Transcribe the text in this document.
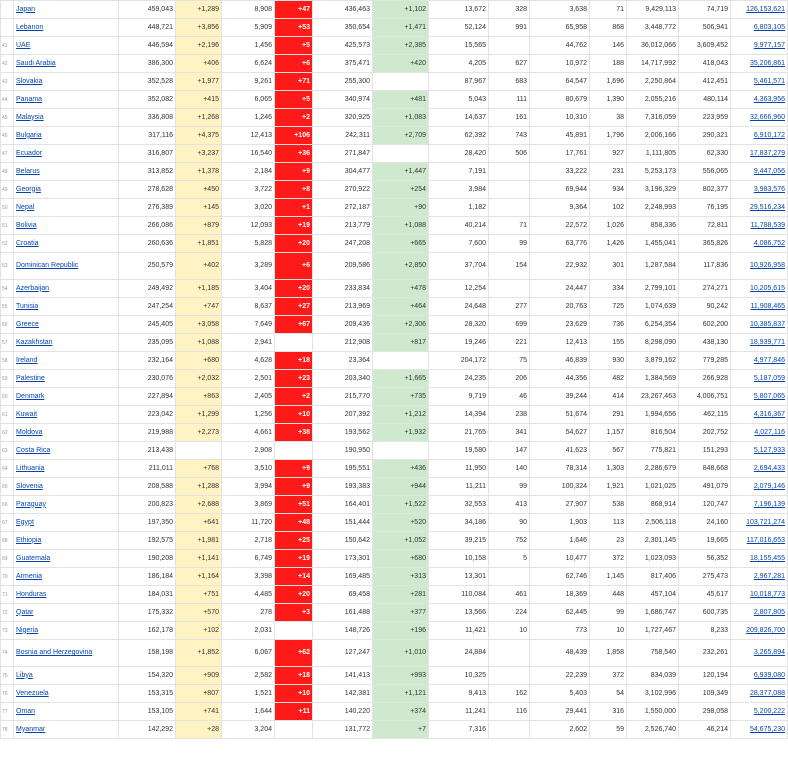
	Japan	459,043	+1,289	8,908	+47	436,463	+1,102	13,672	328	3,638	71	9,429,113	74,719	126,153,621
	Lebanon	448,721	+3,856	5,909	+53	350,654	+1,471	52,124	991	65,958	868	3,448,772	506,941	6,803,105
41	UAE	446,594	+2,196	1,456	+5	425,573	+2,385	15,565		44,762	146	36,012,066	3,609,452	9,977,157
42	Saudi Arabia	386,300	+406	6,624	+6	375,471	+420	4,205	627	10,972	188	14,717,992	418,043	35,206,861
43	Slovakia	352,528	+1,977	9,261	+71	255,300		87,967	683	64,547	1,696	2,250,864	412,451	5,461,571
44	Panama	352,082	+415	6,065	+5	340,974	+481	5,043	111	80,679	1,390	2,055,216	480,114	4,363,956
45	Malaysia	336,808	+1,268	1,246	+2	320,925	+1,083	14,637	161	10,310	38	7,316,059	223,959	32,666,960
46	Bulgaria	317,116	+4,375	12,413	+106	242,311	+2,709	62,392	743	45,891	1,796	2,006,166	290,321	6,910,172
47	Ecuador	316,807	+3,237	16,540	+36	271,847		28,420	506	17,761	927	1,111,805	62,330	17,837,279
48	Belarus	313,852	+1,378	2,184	+9	304,477	+1,447	7,191		33,222	231	5,253,173	556,065	9,447,056
49	Georgia	278,628	+450	3,722	+8	270,922	+254	3,984		69,944	934	3,196,329	802,377	3,983,576
50	Nepal	276,389	+145	3,020	+1	272,187	+90	1,182		9,364	102	2,248,993	76,195	29,516,234
51	Bolivia	266,086	+879	12,093	+19	213,779	+1,088	40,214	71	22,572	1,026	858,336	72,811	11,788,539
52	Croatia	260,636	+1,851	5,828	+20	247,208	+665	7,600	99	63,776	1,426	1,455,041	365,826	4,086,752
53	Dominican Republic	250,579	+402	3,289	+6	209,586	+2,850	37,704	154	22,932	301	1,287,584	117,836	10,926,958
54	Azerbaijan	249,492	+1,185	3,404	+20	233,834	+478	12,254		24,447	334	2,799,101	274,271	10,205,615
55	Tunisia	247,254	+747	8,637	+27	213,969	+464	24,648	277	20,763	725	1,074,639	90,242	11,908,465
56	Greece	245,405	+3,058	7,649	+67	209,436	+2,306	28,320	699	23,629	736	6,254,354	602,200	10,385,837
57	Kazakhstan	235,095	+1,088	2,941		212,908	+817	19,246	221	12,413	155	8,298,090	438,130	18,939,771
58	Ireland	232,164	+680	4,628	+18	23,364		204,172	75	46,839	930	3,879,162	779,285	4,977,846
59	Palestine	230,076	+2,032	2,501	+23	203,340	+1,665	24,235	206	44,356	482	1,384,569	266,928	5,187,059
60	Denmark	227,894	+863	2,405	+2	215,770	+735	9,719	46	39,244	414	23,267,463	4,006,751	5,807,065
61	Kuwait	223,042	+1,299	1,256	+10	207,392	+1,212	14,394	238	51,674	291	1,994,656	462,115	4,316,367
62	Moldova	219,988	+2,273	4,661	+38	193,562	+1,932	21,765	341	54,627	1,157	816,504	202,752	4,027,116
63	Costa Rica	213,438		2,908		190,950		19,580	147	41,623	567	775,821	151,293	5,127,933
64	Lithuania	211,011	+768	3,510	+9	195,551	+436	11,950	140	78,314	1,303	2,286,679	848,668	2,694,433
65	Slovenia	208,588	+1,288	3,994	+9	193,383	+944	11,211	99	100,324	1,921	1,021,025	491,079	2,079,146
66	Paraguay	200,823	+2,688	3,869	+51	164,401	+1,522	32,553	413	27,907	538	868,914	120,747	7,196,139
67	Egypt	197,350	+641	11,720	+48	151,444	+520	34,186	90	1,903	113	2,506,118	24,160	103,721,274
68	Ethiopia	192,575	+1,981	2,718	+25	150,642	+1,052	39,215	752	1,646	23	2,301,145	19,665	117,016,653
69	Guatemala	190,208	+1,141	6,749	+19	173,301	+680	10,158	5	10,477	372	1,023,093	56,352	18,155,455
70	Armenia	186,184	+1,164	3,398	+14	169,485	+313	13,301		62,746	1,145	817,406	275,473	2,967,281
71	Honduras	184,031	+751	4,485	+20	69,458	+281	110,084	461	18,369	448	457,104	45,617	10,018,773
72	Qatar	175,332	+570	278	+3	161,488	+377	13,566	224	62,445	99	1,686,747	600,735	2,807,805
73	Nigeria	162,178	+102	2,031		148,726	+196	11,421	10	773	10	1,727,467	8,233	209,826,700
74	Bosnia and Herzegovina	158,198	+1,852	6,067	+62	127,247	+1,010	24,884		48,439	1,858	758,540	232,261	3,265,894
75	Libya	154,320	+909	2,582	+18	141,413	+993	10,325		22,239	372	834,039	120,194	6,939,080
76	Venezuela	153,315	+807	1,521	+10	142,381	+1,121	9,413	162	5,403	54	3,102,996	109,349	28,377,088
77	Oman	153,105	+741	1,644	+11	140,220	+374	11,241	116	29,441	316	1,550,000	298,058	5,200,222
78	Myanmar	142,292	+28	3,204		131,772	+7	7,316		2,602	59	2,526,740	46,214	54,675,230
